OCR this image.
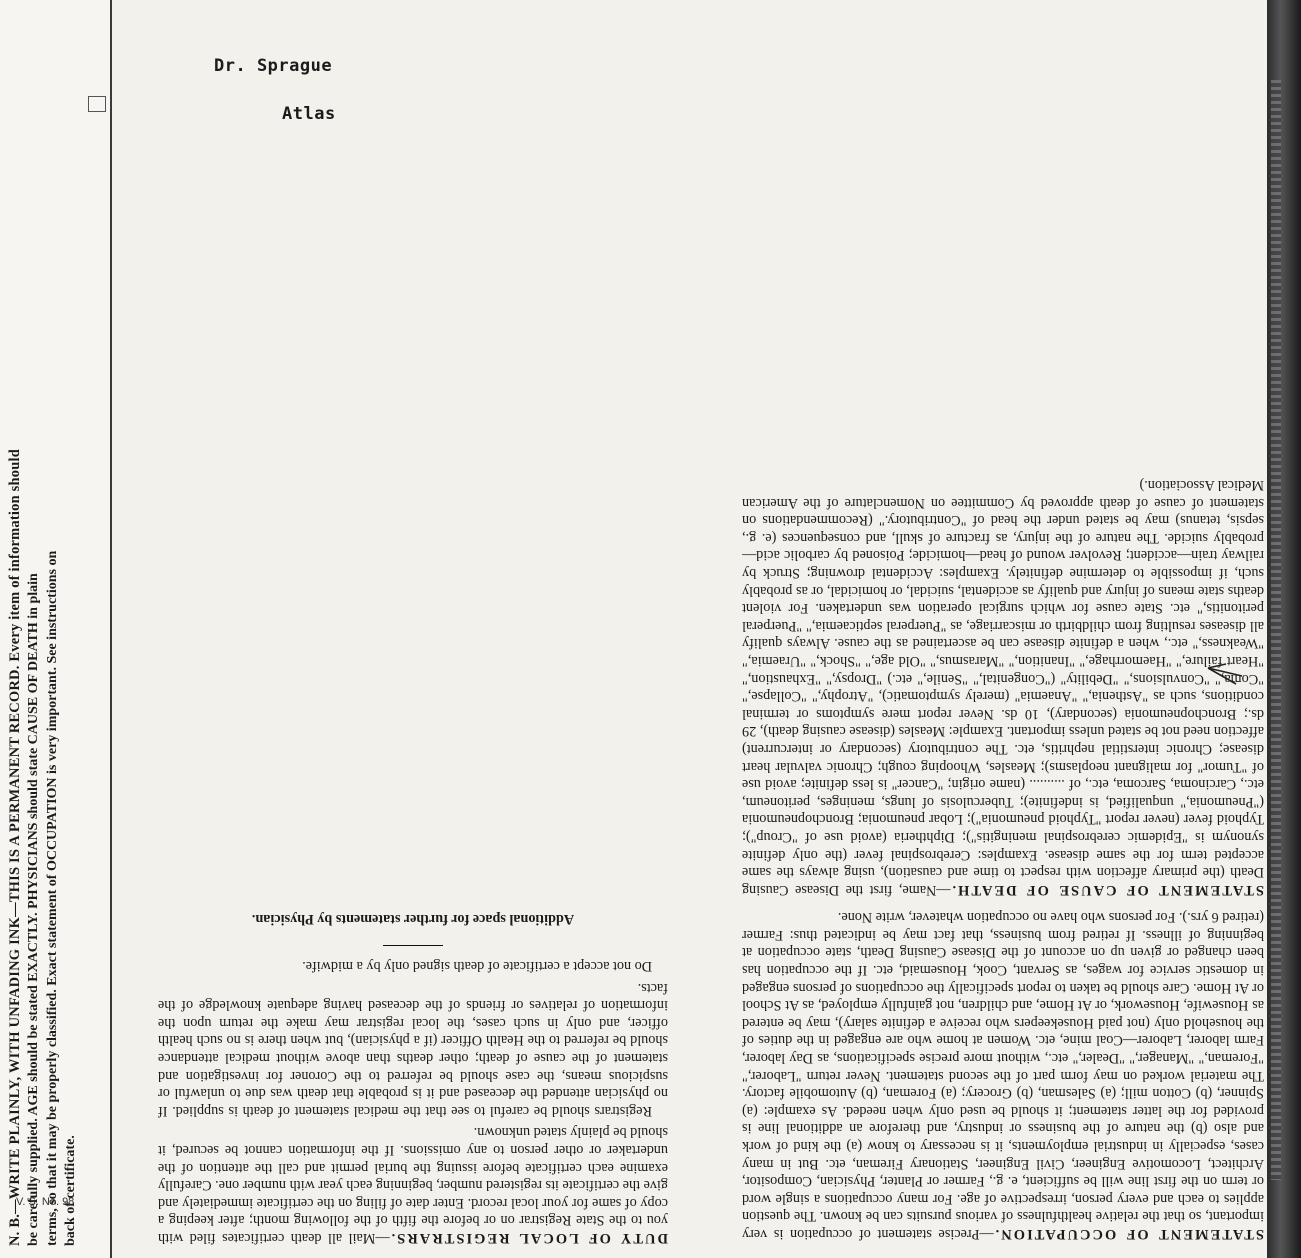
N. B.—WRITE PLAINLY, WITH UNFADING INK—THIS IS A PERMANENT RECORD. Every item of information should be carefully supplied. AGE should be stated EXACTLY. PHYSICIANS should state CAUSE OF DEATH in plain terms, so that it may be properly classified. Exact statement of OCCUPATION is very important. See instructions on back of certificate.
V. S. No. 98
Dr. Sprague
Atlas

STATEMENT OF OCCUPATION.—Precise statement of occupation is very important, so that the relative healthfulness of various pursuits can be known. The question applies to each and every person, irrespective of age. For many occupations a single word or term on the first line will be sufficient, e. g., Farmer or Planter, Physician, Compositor, Architect, Locomotive Engineer, Civil Engineer, Stationary Fireman, etc. But in many cases, especially in industrial employments, it is necessary to know (a) the kind of work and also (b) the nature of the business or industry, and therefore an additional line is provided for the latter statement; it should be used only when needed. As example: (a) Spinner, (b) Cotton mill; (a) Salesman, (b) Grocery; (a) Foreman, (b) Automobile factory. The material worked on may form part of the second statement. Never return "Laborer," "Foreman," "Manager," "Dealer," etc., without more precise specifications, as Day laborer, Farm laborer, Laborer—Coal mine, etc. Women at home who are engaged in the duties of the household only (not paid Housekeepers who receive a definite salary), may be entered as Housewife, Housework, or At Home, and children, not gainfully employed, as At School or At Home. Care should be taken to report specifically the occupations of persons engaged in domestic service for wages, as Servant, Cook, Housemaid, etc. If the occupation has been changed or given up on account of the Disease Causing Death, state occupation at beginning of illness. If retired from business, that fact may be indicated thus: Farmer (retired 6 yrs.). For persons who have no occupation whatever, write None.

STATEMENT OF CAUSE OF DEATH.—Name, first the Disease Causing Death (the primary affection with respect to time and causation), using always the same accepted term for the same disease. Examples: Cerebrospinal fever (the only definite synonym is "Epidemic cerebrospinal meningitis"); Diphtheria (avoid use of "Croup"); Typhoid fever (never report "Typhoid pneumonia"); Lobar pneumonia; Bronchopneumonia ("Pneumonia," unqualified, is indefinite); Tuberculosis of lungs, meninges, peritoneum, etc., Carcinoma, Sarcoma, etc., of .......... (name origin; "Cancer" is less definite; avoid use of "Tumor" for malignant neoplasms); Measles, Whooping cough; Chronic valvular heart disease; Chronic interstitial nephritis, etc. The contributory (secondary or intercurrent) affection need not be stated unless important. Example: Measles (disease causing death), 29 ds.; Bronchopneumonia (secondary), 10 ds. Never report mere symptoms or terminal conditions, such as "Asthenia," "Anaemia" (merely symptomatic), "Atrophy," "Collapse," "Coma," "Convulsions," "Debility" ("Congenital," "Senile," etc.) "Dropsy," "Exhaustion," "Heart failure," "Haemorrhage," "Inanition," "Marasmus," "Old age," "Shock," "Uraemia," "Weakness," etc., when a definite disease can be ascertained as the cause. Always qualify all diseases resulting from childbirth or miscarriage, as "Puerperal septicaemia," "Puerperal peritonitis," etc. State cause for which surgical operation was undertaken. For violent deaths state means of injury and qualify as accidental, suicidal, or homicidal, or as probably such, if impossible to determine definitely. Examples: Accidental drowning; Struck by railway train—accident; Revolver wound of head—homicide; Poisoned by carbolic acid—probably suicide. The nature of the injury, as fracture of skull, and consequences (e. g., sepsis, tetanus) may be stated under the head of "Contributory." (Recommendations on statement of cause of death approved by Committee on Nomenclature of the American Medical Association.)

DUTY OF LOCAL REGISTRARS.—Mail all death certificates filed with you to the State Registrar on or before the fifth of the following month; after keeping a copy of same for your local record. Enter date of filing on the certificate immediately and give the certificate its registered number, beginning each year with number one. Carefully examine each certificate before issuing the burial permit and call the attention of the undertaker or other person to any omissions. If the information cannot be secured, it should be plainly stated unknown.

Registrars should be careful to see that the medical statement of death is supplied. If no physician attended the deceased and it is probable that death was due to unlawful or suspicious means, the case should be referred to the Coroner for investigation and statement of the cause of death; other deaths than above without medical attendance should be referred to the Health Officer (if a physician), but when there is no such health officer, and only in such cases, the local registrar may make the return upon the information of relatives or friends of the deceased having adequate knowledge of the facts.

Do not accept a certificate of death signed only by a midwife.

Additional space for further statements by Physician.
